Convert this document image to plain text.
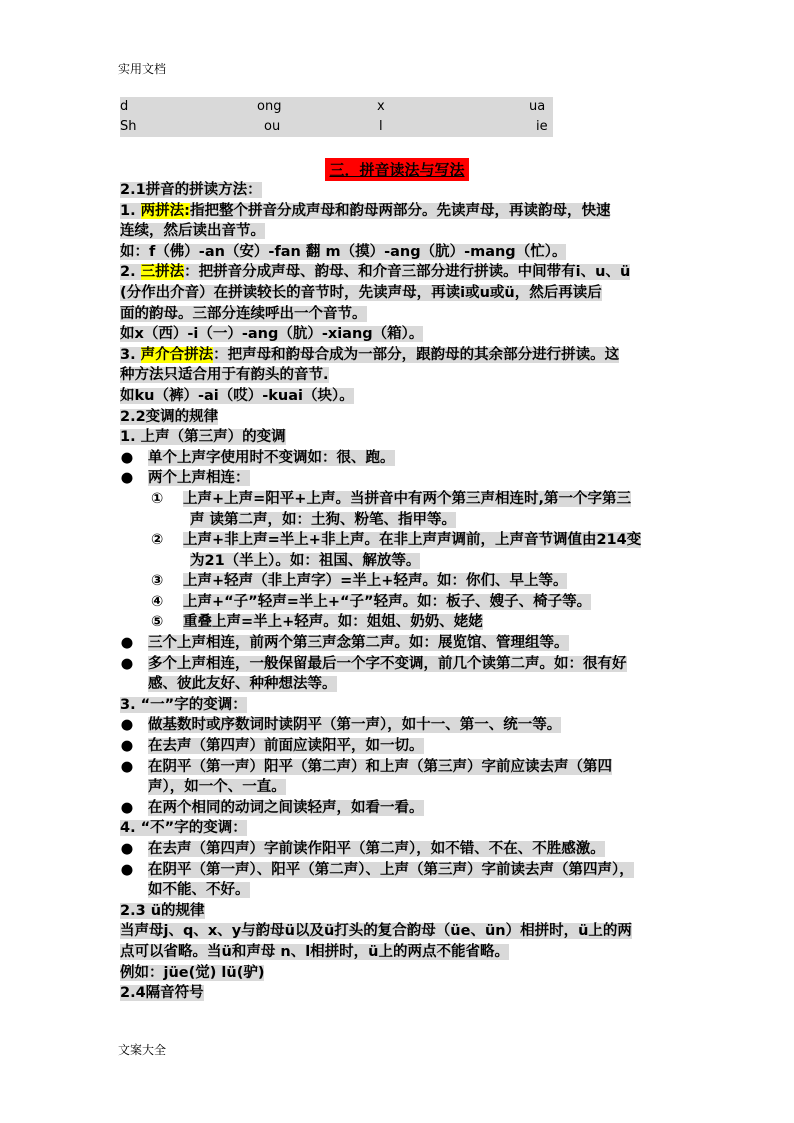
实用文档
d	ong	x	ua
Sh	ou	l	ie
三．拼音读法与写法
2.1拼音的拼读方法：
1. 两拼法:指把整个拼音分成声母和韵母两部分。先读声母，再读韵母，快速
连续，然后读出音节。
如：f（佛）-an（安）-fan 翻 m（摸）-ang（肮）-mang（忙）。
2. 三拼法：把拼音分成声母、韵母、和介音三部分进行拼读。中间带有i、u、ü
(分作出介音）在拼读较长的音节时，先读声母，再读i或u或ü，然后再读后
面的韵母。三部分连续呼出一个音节。
如x（西）-i（一）-ang（肮）-xiang（箱）。
3. 声介合拼法：把声母和韵母合成为一部分，跟韵母的其余部分进行拼读。这
种方法只适合用于有韵头的音节.
如ku（裤）-ai（哎）-kuai（块）。
2.2变调的规律
1. 上声（第三声）的变调
● 单个上声字使用时不变调如：很、跑。
● 两个上声相连：
① 上声+上声=阳平+上声。当拼音中有两个第三声相连时,第一个字第三
声 读第二声，如：土狗、粉笔、指甲等。
② 上声+非上声=半上+非上声。在非上声声调前，上声音节调值由214变
为21（半上）。如：祖国、解放等。
③ 上声+轻声（非上声字）=半上+轻声。如：你们、早上等。
④ 上声+“子”轻声=半上+“子”轻声。如：板子、嫂子、椅子等。
⑤ 重叠上声=半上+轻声。如：姐姐、奶奶、姥姥
● 三个上声相连，前两个第三声念第二声。如：展览馆、管理组等。
● 多个上声相连，一般保留最后一个字不变调，前几个读第二声。如：很有好
感、彼此友好、种种想法等。
3. “一”字的变调：
● 做基数时或序数词时读阴平（第一声），如十一、第一、统一等。
● 在去声（第四声）前面应读阳平，如一切。
● 在阴平（第一声）阳平（第二声）和上声（第三声）字前应读去声（第四
声），如一个、一直。
● 在两个相同的动词之间读轻声，如看一看。
4. “不”字的变调：
● 在去声（第四声）字前读作阳平（第二声），如不错、不在、不胜感激。
● 在阴平（第一声）、阳平（第二声）、上声（第三声）字前读去声（第四声），
如不能、不好。
2.3 ü的规律
当声母j、q、x、y与韵母ü以及ü打头的复合韵母（üe、ün）相拼时，ü上的两
点可以省略。当ü和声母 n、l相拼时，ü上的两点不能省略。
例如：jüe(觉) lü(驴)
2.4隔音符号
文案大全
